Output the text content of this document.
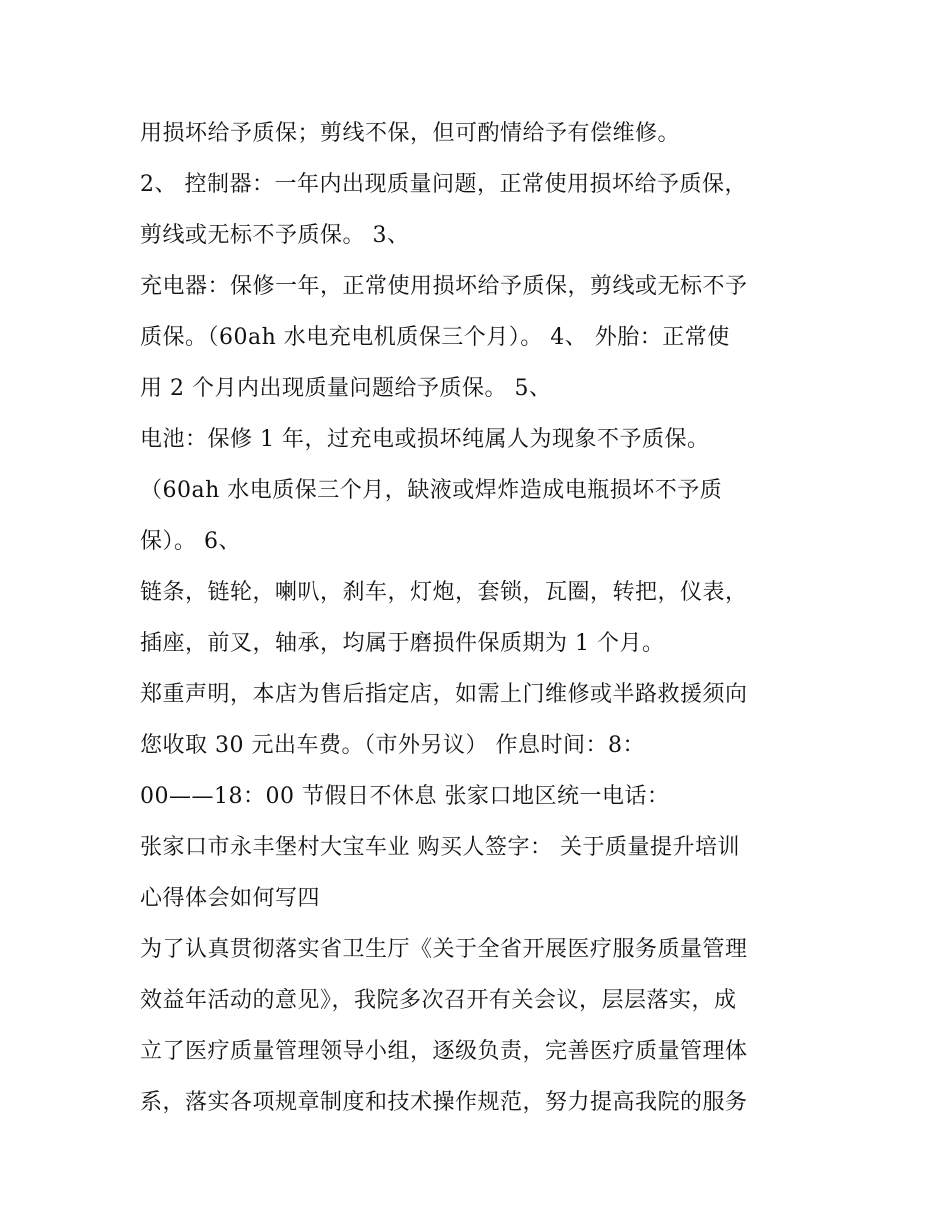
用损坏给予质保；剪线不保，但可酌情给予有偿维修。
2、 控制器：一年内出现质量问题，正常使用损坏给予质保，
剪线或无标不予质保。 3、
充电器：保修一年，正常使用损坏给予质保，剪线或无标不予
质保。（60ah 水电充电机质保三个月）。 4、 外胎：正常使
用 2 个月内出现质量问题给予质保。 5、
电池：保修 1 年，过充电或损坏纯属人为现象不予质保。
（60ah 水电质保三个月，缺液或焊炸造成电瓶损坏不予质
保）。 6、
链条，链轮，喇叭，刹车，灯炮，套锁，瓦圈，转把，仪表，
插座，前叉，轴承，均属于磨损件保质期为 1 个月。
郑重声明，本店为售后指定店，如需上门维修或半路救援须向
您收取 30 元出车费。（市外另议） 作息时间：8：
00——18：00 节假日不休息 张家口地区统一电话：
张家口市永丰堡村大宝车业 购买人签字： 关于质量提升培训
心得体会如何写四
为了认真贯彻落实省卫生厅《关于全省开展医疗服务质量管理
效益年活动的意见》，我院多次召开有关会议，层层落实，成
立了医疗质量管理领导小组，逐级负责，完善医疗质量管理体
系，落实各项规章制度和技术操作规范，努力提高我院的服务
